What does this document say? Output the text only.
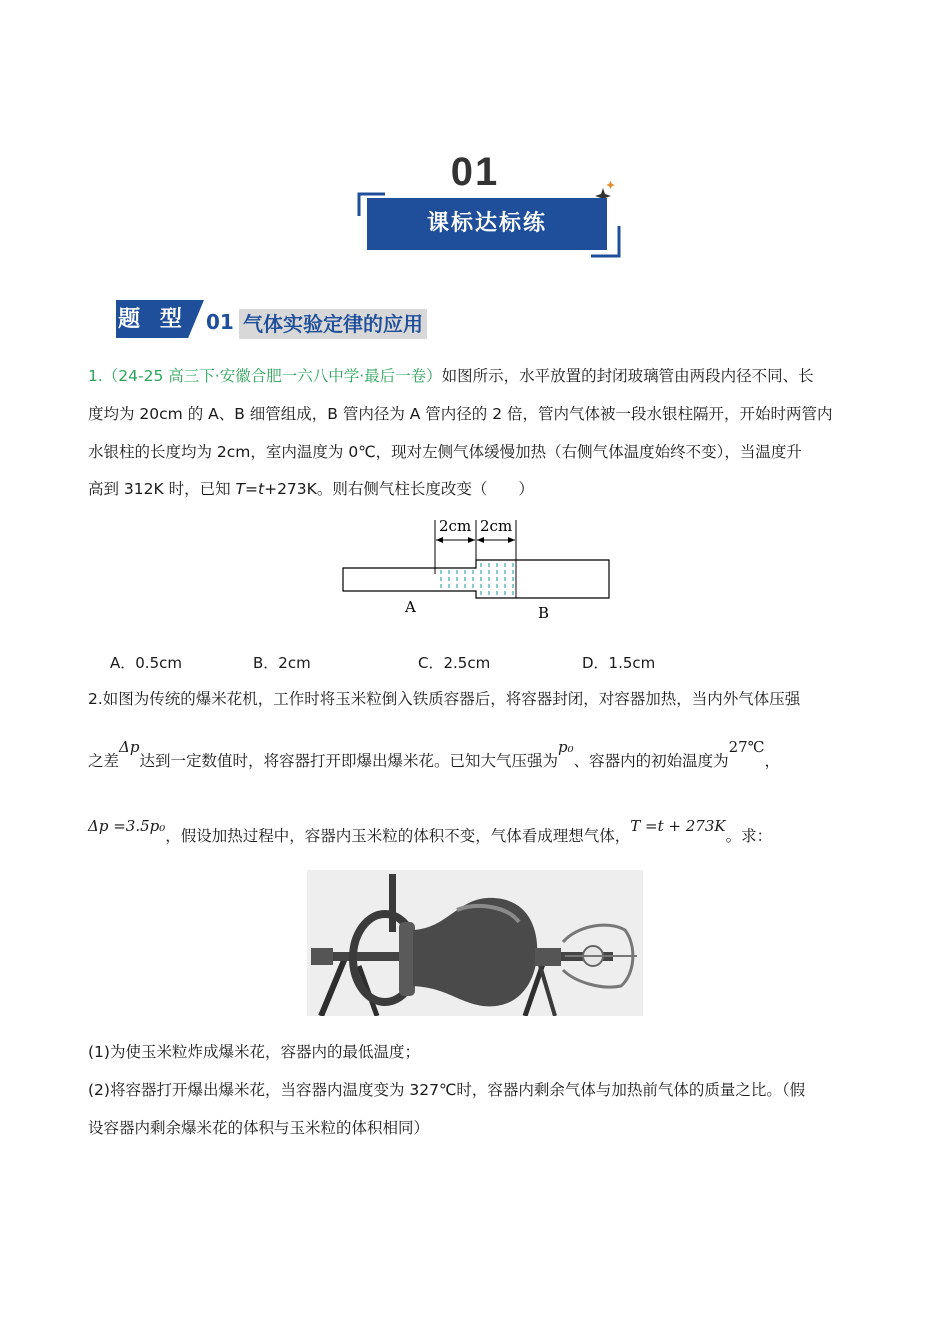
01
课标达标练
题 型 01 气体实验定律的应用
1.（24-25 高三下·安徽合肥一六八中学·最后一卷）如图所示，水平放置的封闭玻璃管由两段内径不同、长
度均为 20cm 的 A、B 细管组成，B 管内径为 A 管内径的 2 倍，管内气体被一段水银柱隔开，开始时两管内
水银柱的长度均为 2cm，室内温度为 0℃，现对左侧气体缓慢加热（右侧气体温度始终不变），当温度升
高到 312K 时，已知 T=t+273K。则右侧气柱长度改变（　　）
2cm 2cm
A	B
A．0.5cm	B．2cm	C．2.5cm	D．1.5cm
2.如图为传统的爆米花机，工作时将玉米粒倒入铁质容器后，将容器封闭，对容器加热，当内外气体压强
之差Δp达到一定数值时，将容器打开即爆出爆米花。已知大气压强为p₀、容器内的初始温度为27℃，
Δp =3.5p₀，假设加热过程中，容器内玉米粒的体积不变，气体看成理想气体，T =t + 273K。求：
(1)为使玉米粒炸成爆米花，容器内的最低温度；
(2)将容器打开爆出爆米花，当容器内温度变为 327℃时，容器内剩余气体与加热前气体的质量之比。（假
设容器内剩余爆米花的体积与玉米粒的体积相同）
